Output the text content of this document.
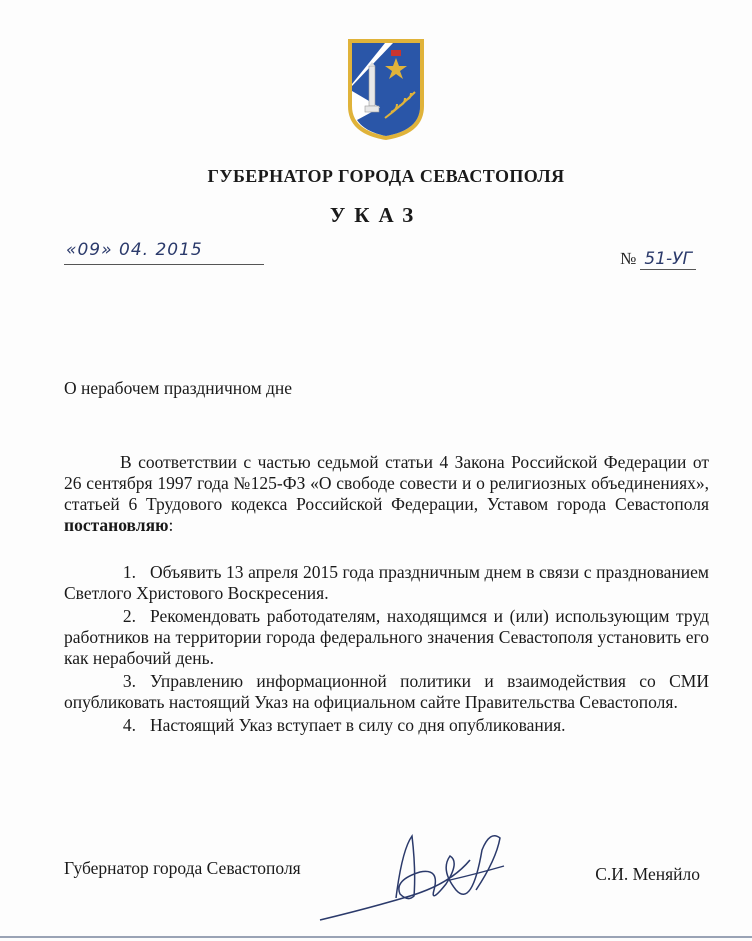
ГУБЕРНАТОР ГОРОДА СЕВАСТОПОЛЯ
УКАЗ
«09» 04. 2015	№ 51-УГ
О нерабочем праздничном дне
В соответствии с частью седьмой статьи 4 Закона Российской Федерации от 26 сентября 1997 года №125-ФЗ «О свободе совести и о религиозных объединениях», статьей 6 Трудового кодекса Российской Федерации, Уставом города Севастополя постановляю:
1. Объявить 13 апреля 2015 года праздничным днем в связи с празднованием Светлого Христового Воскресения.
2. Рекомендовать работодателям, находящимся и (или) использующим труд работников на территории города федерального значения Севастополя установить его как нерабочий день.
3. Управлению информационной политики и взаимодействия со СМИ опубликовать настоящий Указ на официальном сайте Правительства Севастополя.
4. Настоящий Указ вступает в силу со дня опубликования.
Губернатор города Севастополя	С.И. Меняйло
